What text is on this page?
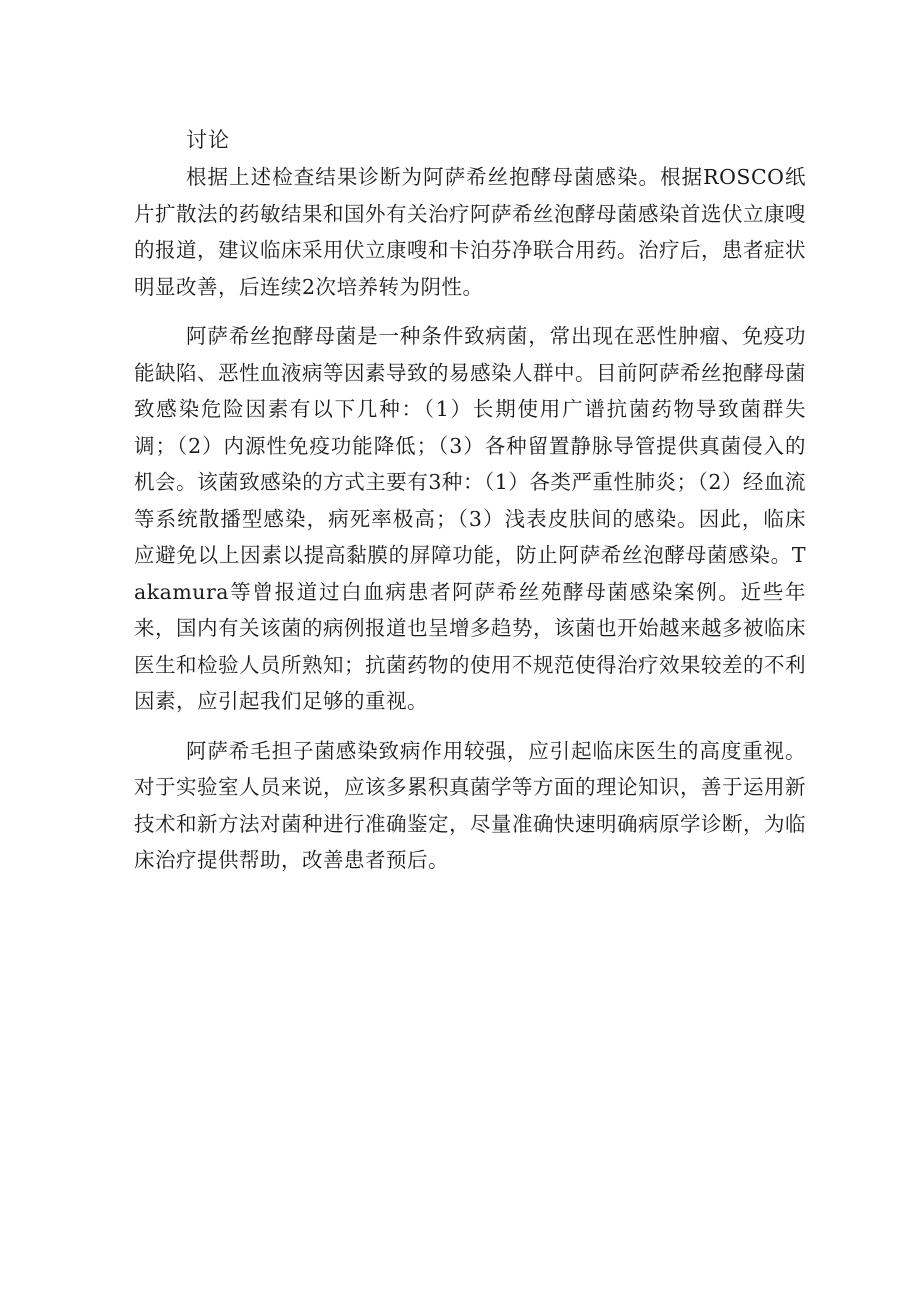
讨论

根据上述检查结果诊断为阿萨希丝抱酵母菌感染。根据ROSCO纸片扩散法的药敏结果和国外有关治疗阿萨希丝泡酵母菌感染首选伏立康嗖的报道，建议临床采用伏立康嗖和卡泊芬净联合用药。治疗后，患者症状明显改善，后连续2次培养转为阴性。

阿萨希丝抱酵母菌是一种条件致病菌，常出现在恶性肿瘤、免疫功能缺陷、恶性血液病等因素导致的易感染人群中。目前阿萨希丝抱酵母菌致感染危险因素有以下几种：（1）长期使用广谱抗菌药物导致菌群失调；（2）内源性免疫功能降低；（3）各种留置静脉导管提供真菌侵入的机会。该菌致感染的方式主要有3种：（1）各类严重性肺炎；（2）经血流等系统散播型感染，病死率极高；（3）浅表皮肤间的感染。因此，临床应避免以上因素以提高黏膜的屏障功能，防止阿萨希丝泡酵母菌感染。Takamura等曾报道过白血病患者阿萨希丝苑酵母菌感染案例。近些年来，国内有关该菌的病例报道也呈增多趋势，该菌也开始越来越多被临床医生和检验人员所熟知；抗菌药物的使用不规范使得治疗效果较差的不利因素，应引起我们足够的重视。

阿萨希毛担子菌感染致病作用较强，应引起临床医生的高度重视。对于实验室人员来说，应该多累积真菌学等方面的理论知识，善于运用新技术和新方法对菌种进行准确鉴定，尽量准确快速明确病原学诊断，为临床治疗提供帮助，改善患者预后。
